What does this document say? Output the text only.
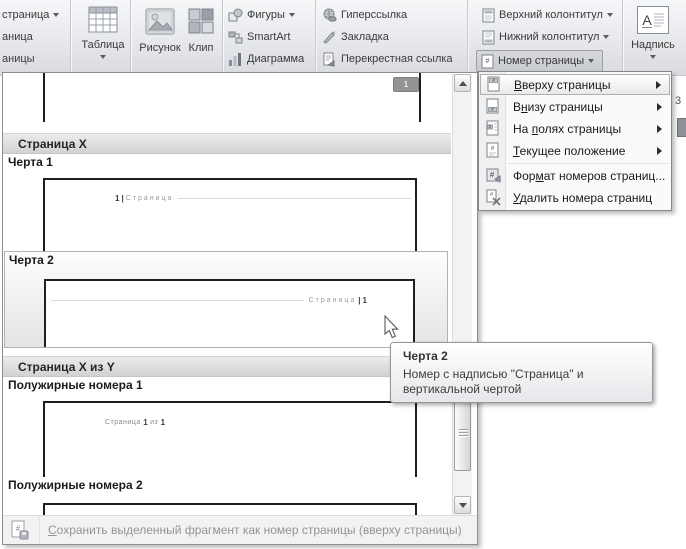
страница
аница
аницы
Таблица Рисунок Клип
Фигуры
SmartArt
Диаграмма
Гиперссылка
Закладка
Перекрестная ссылка
Верхний колонтитул
Нижний колонтитул
# Номер страницы
A
Надпись
3
1
Страница X
Черта 1
1 | Страница
Черта 2
Страница | 1
Страница X из Y
Полужирные номера 1
Страница
1
из
1
Полужирные номера 2
# Сохранить выделенный фрагмент как номер страницы (вверху страницы)
# Вверху страницы
# Внизу страницы
# На полях страницы
# Текущее положение
# Формат номеров страниц...
# Удалить номера страниц
Черта 2
Номер с надписью "Страница" и вертикальной чертой
